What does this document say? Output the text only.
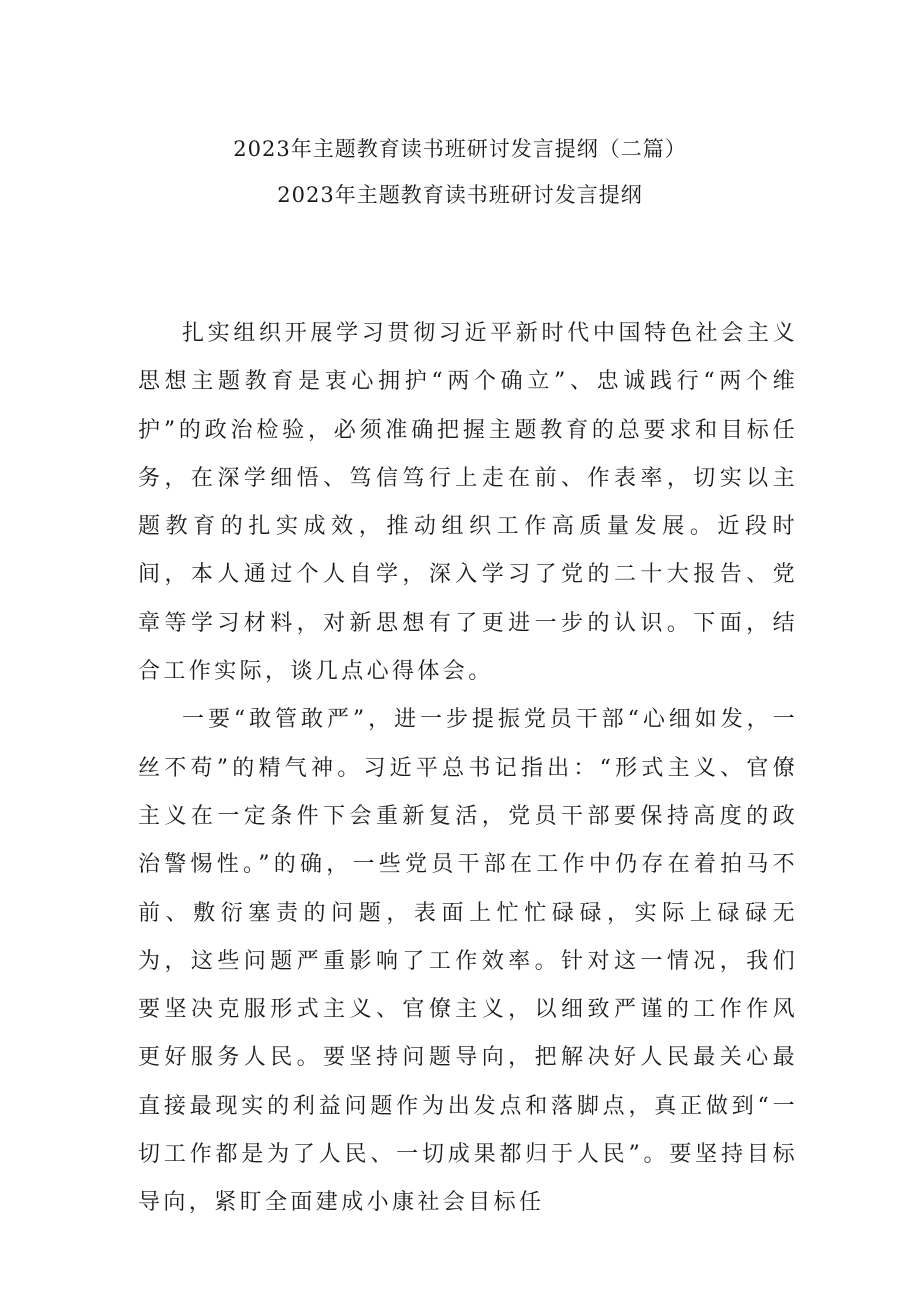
2023年主题教育读书班研讨发言提纲（二篇）
2023年主题教育读书班研讨发言提纲

扎实组织开展学习贯彻习近平新时代中国特色社会主义思想主题教育是衷心拥护“两个确立”、忠诚践行“两个维护”的政治检验，必须准确把握主题教育的总要求和目标任务，在深学细悟、笃信笃行上走在前、作表率，切实以主题教育的扎实成效，推动组织工作高质量发展。近段时间，本人通过个人自学，深入学习了党的二十大报告、党章等学习材料，对新思想有了更进一步的认识。下面，结合工作实际，谈几点心得体会。

一要“敢管敢严”，进一步提振党员干部“心细如发，一丝不苟”的精气神。习近平总书记指出：“形式主义、官僚主义在一定条件下会重新复活，党员干部要保持高度的政治警惕性。”的确，一些党员干部在工作中仍存在着拍马不前、敷衍塞责的问题，表面上忙忙碌碌，实际上碌碌无为，这些问题严重影响了工作效率。针对这一情况，我们要坚决克服形式主义、官僚主义，以细致严谨的工作作风更好服务人民。要坚持问题导向，把解决好人民最关心最直接最现实的利益问题作为出发点和落脚点，真正做到“一切工作都是为了人民、一切成果都归于人民”。要坚持目标导向，紧盯全面建成小康社会目标任
